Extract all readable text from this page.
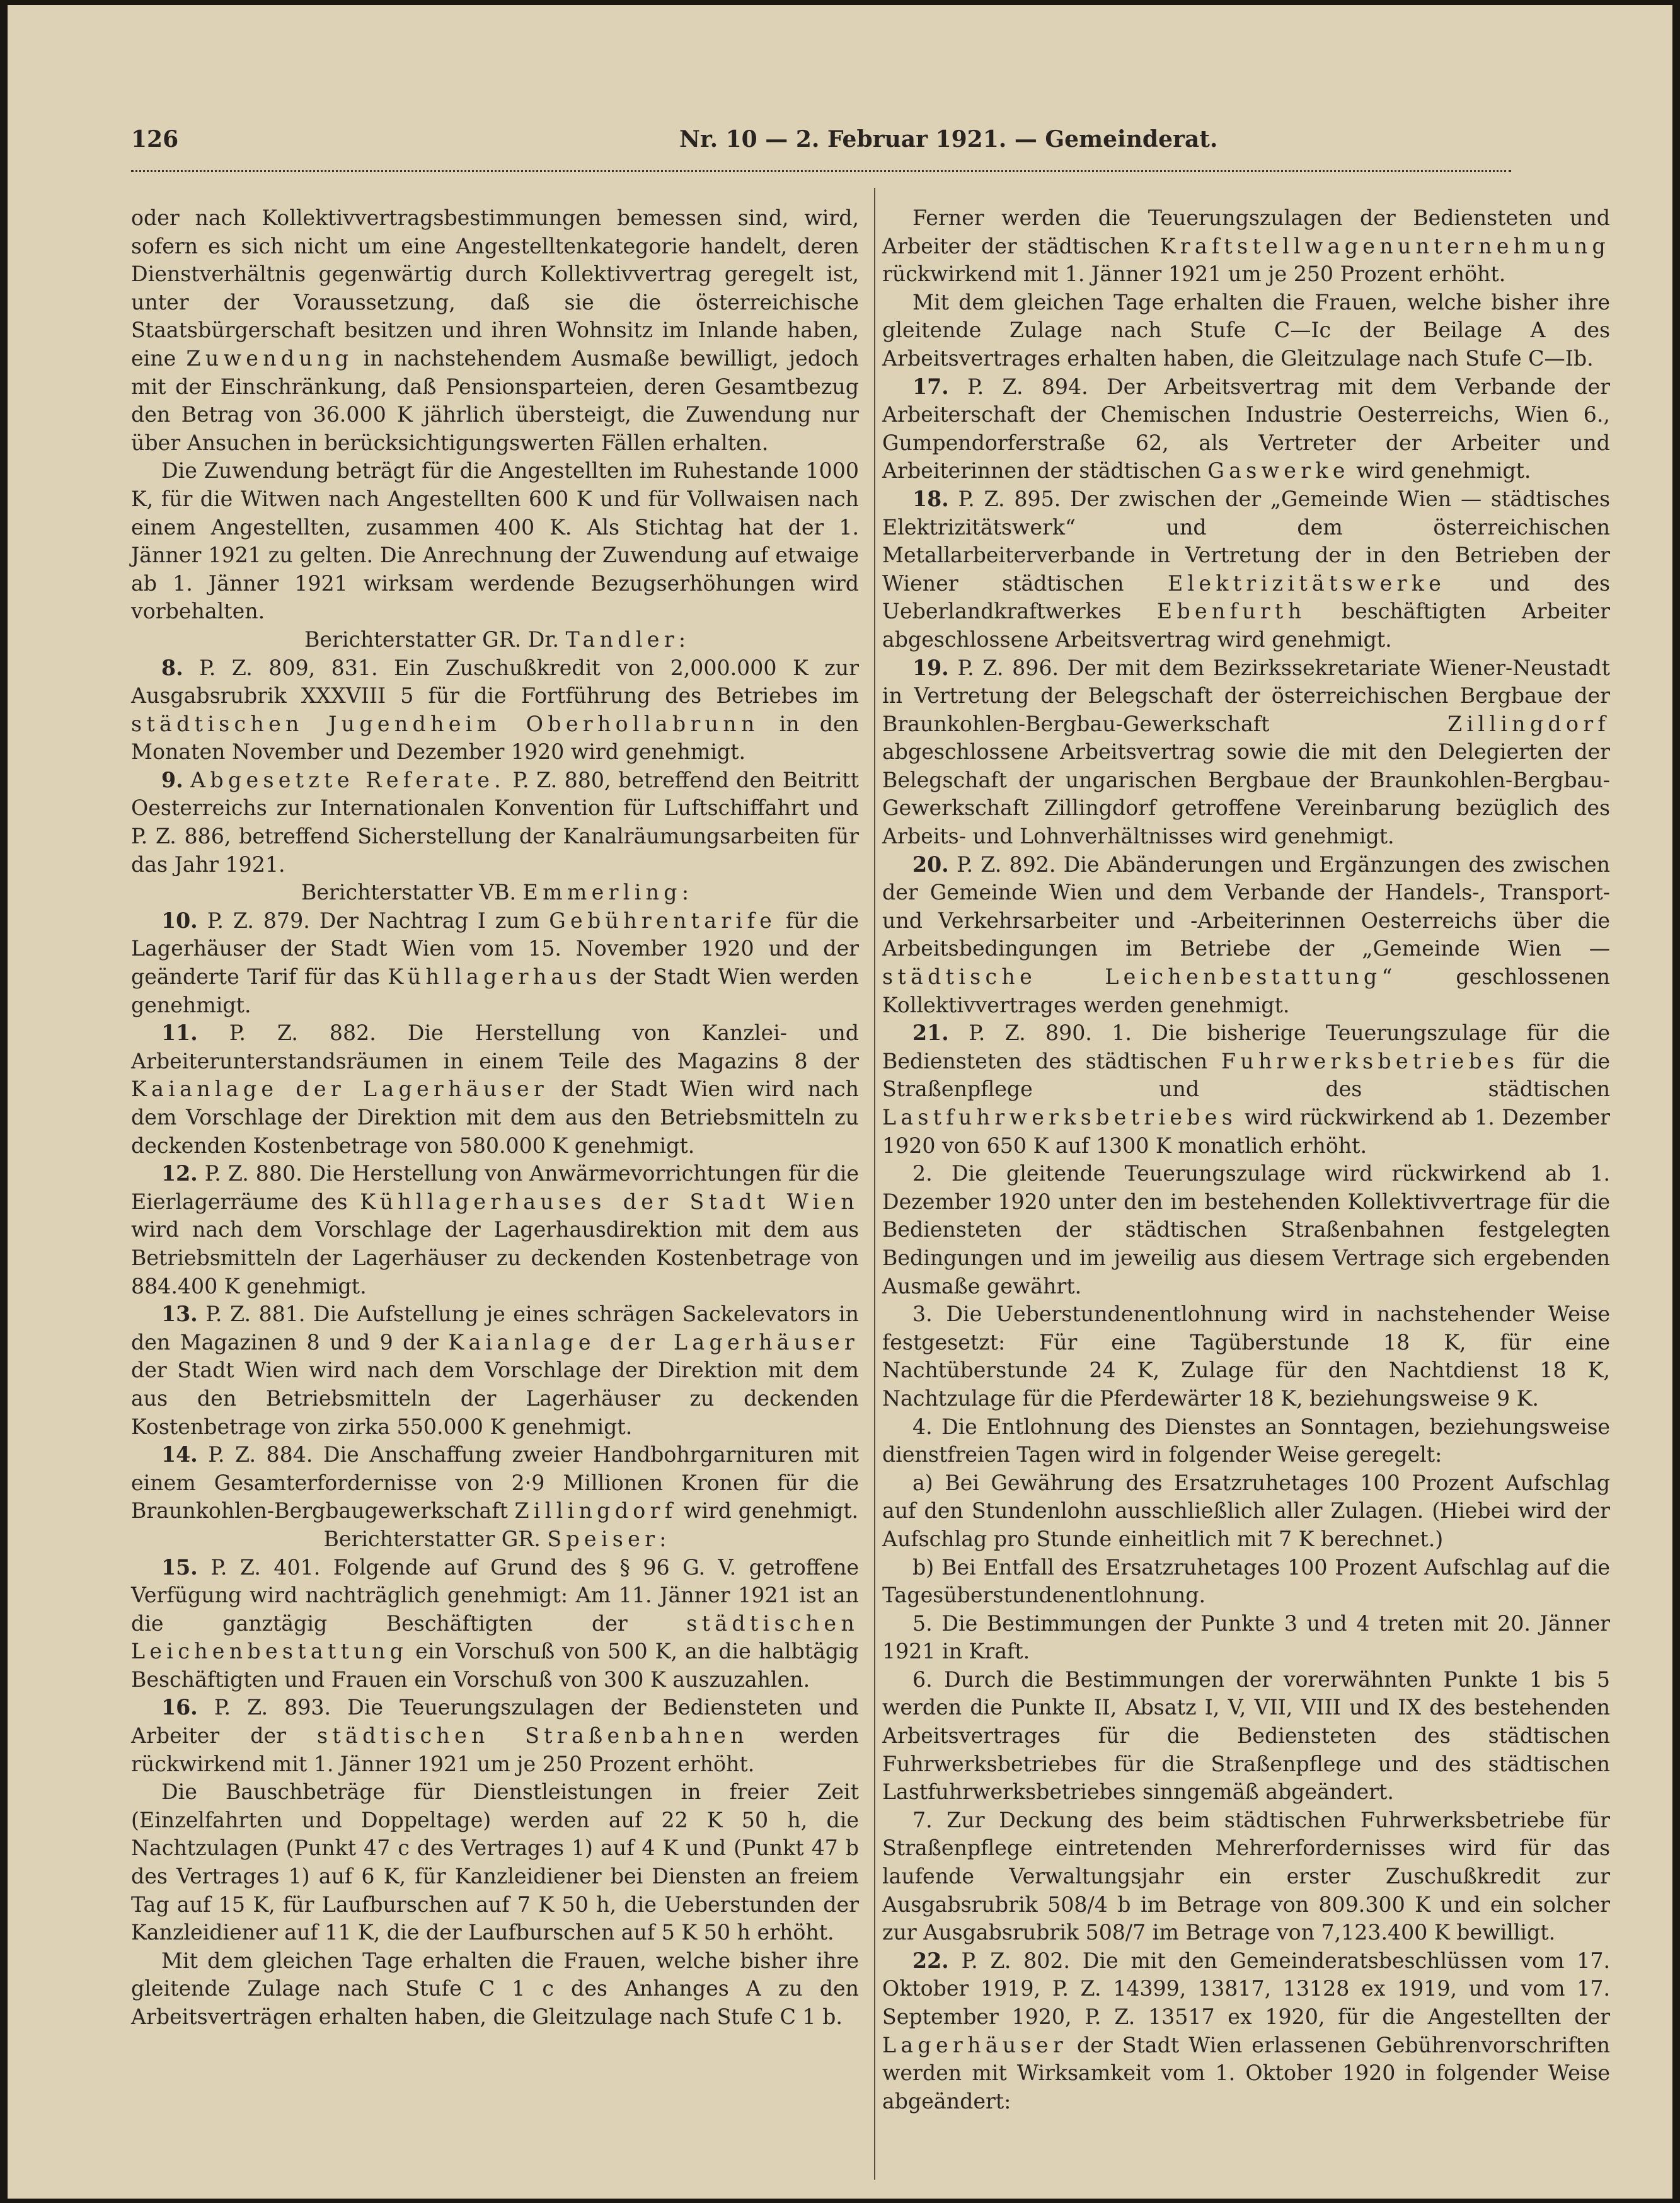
126	Nr. 10 — 2. Februar 1921. — Gemeinderat.

oder nach Kollektivvertragsbestimmungen bemessen sind, wird, sofern es sich nicht um eine Angestelltenkategorie handelt, deren Dienstverhältnis gegenwärtig durch Kollektivvertrag geregelt ist, unter der Voraussetzung, daß sie die österreichische Staatsbürgerschaft besitzen und ihren Wohnsitz im Inlande haben, eine Zuwendung in nachstehendem Ausmaße bewilligt, jedoch mit der Einschränkung, daß Pensionsparteien, deren Gesamtbezug den Betrag von 36.000 K jährlich übersteigt, die Zuwendung nur über Ansuchen in berücksichtigungswerten Fällen erhalten.

Die Zuwendung beträgt für die Angestellten im Ruhestande 1000 K, für die Witwen nach Angestellten 600 K und für Vollwaisen nach einem Angestellten, zusammen 400 K. Als Stichtag hat der 1. Jänner 1921 zu gelten. Die Anrechnung der Zuwendung auf etwaige ab 1. Jänner 1921 wirksam werdende Bezugserhöhungen wird vorbehalten.

Berichterstatter GR. Dr. Tandler:

8. P. Z. 809, 831. Ein Zuschußkredit von 2,000.000 K zur Ausgabsrubrik XXXVIII 5 für die Fortführung des Betriebes im städtischen Jugendheim Oberhollabrunn in den Monaten November und Dezember 1920 wird genehmigt.

9. Abgesetzte Referate. P. Z. 880, betreffend den Beitritt Oesterreichs zur Internationalen Konvention für Luftschiffahrt und P. Z. 886, betreffend Sicherstellung der Kanalräumungsarbeiten für das Jahr 1921.

Berichterstatter VB. Emmerling:

10. P. Z. 879. Der Nachtrag I zum Gebührentarife für die Lagerhäuser der Stadt Wien vom 15. November 1920 und der geänderte Tarif für das Kühllagerhaus der Stadt Wien werden genehmigt.

11. P. Z. 882. Die Herstellung von Kanzlei- und Arbeiterunterstandsräumen in einem Teile des Magazins 8 der Kaianlage der Lagerhäuser der Stadt Wien wird nach dem Vorschlage der Direktion mit dem aus den Betriebsmitteln zu deckenden Kostenbetrage von 580.000 K genehmigt.

12. P. Z. 880. Die Herstellung von Anwärmevorrichtungen für die Eierlagerräume des Kühllagerhauses der Stadt Wien wird nach dem Vorschlage der Lagerhausdirektion mit dem aus Betriebsmitteln der Lagerhäuser zu deckenden Kostenbetrage von 884.400 K genehmigt.

13. P. Z. 881. Die Aufstellung je eines schrägen Sackelevators in den Magazinen 8 und 9 der Kaianlage der Lagerhäuser der Stadt Wien wird nach dem Vorschlage der Direktion mit dem aus den Betriebsmitteln der Lagerhäuser zu deckenden Kostenbetrage von zirka 550.000 K genehmigt.

14. P. Z. 884. Die Anschaffung zweier Handbohrgarnituren mit einem Gesamterfordernisse von 2·9 Millionen Kronen für die Braunkohlen-Bergbaugewerkschaft Zillingdorf wird genehmigt.

Berichterstatter GR. Speiser:

15. P. Z. 401. Folgende auf Grund des § 96 G. V. getroffene Verfügung wird nachträglich genehmigt: Am 11. Jänner 1921 ist an die ganztägig Beschäftigten der städtischen Leichenbestattung ein Vorschuß von 500 K, an die halbtägig Beschäftigten und Frauen ein Vorschuß von 300 K auszuzahlen.

16. P. Z. 893. Die Teuerungszulagen der Bediensteten und Arbeiter der städtischen Straßenbahnen werden rückwirkend mit 1. Jänner 1921 um je 250 Prozent erhöht.

Die Bauschbeträge für Dienstleistungen in freier Zeit (Einzelfahrten und Doppeltage) werden auf 22 K 50 h, die Nachtzulagen (Punkt 47 c des Vertrages 1) auf 4 K und (Punkt 47 b des Vertrages 1) auf 6 K, für Kanzleidiener bei Diensten an freiem Tag auf 15 K, für Laufburschen auf 7 K 50 h, die Ueberstunden der Kanzleidiener auf 11 K, die der Laufburschen auf 5 K 50 h erhöht.

Mit dem gleichen Tage erhalten die Frauen, welche bisher ihre gleitende Zulage nach Stufe C 1 c des Anhanges A zu den Arbeitsverträgen erhalten haben, die Gleitzulage nach Stufe C 1 b.

Ferner werden die Teuerungszulagen der Bediensteten und Arbeiter der städtischen Kraftstellwagenunternehmung rückwirkend mit 1. Jänner 1921 um je 250 Prozent erhöht.

Mit dem gleichen Tage erhalten die Frauen, welche bisher ihre gleitende Zulage nach Stufe C—Ic der Beilage A des Arbeitsvertrages erhalten haben, die Gleitzulage nach Stufe C—Ib.

17. P. Z. 894. Der Arbeitsvertrag mit dem Verbande der Arbeiterschaft der Chemischen Industrie Oesterreichs, Wien 6., Gumpendorferstraße 62, als Vertreter der Arbeiter und Arbeiterinnen der städtischen Gaswerke wird genehmigt.

18. P. Z. 895. Der zwischen der „Gemeinde Wien — städtisches Elektrizitätswerk“ und dem österreichischen Metallarbeiterverbande in Vertretung der in den Betrieben der Wiener städtischen Elektrizitätswerke und des Ueberlandkraftwerkes Ebenfurth beschäftigten Arbeiter abgeschlossene Arbeitsvertrag wird genehmigt.

19. P. Z. 896. Der mit dem Bezirkssekretariate Wiener-Neustadt in Vertretung der Belegschaft der österreichischen Bergbaue der Braunkohlen-Bergbau-Gewerkschaft Zillingdorf abgeschlossene Arbeitsvertrag sowie die mit den Delegierten der Belegschaft der ungarischen Bergbaue der Braunkohlen-Bergbau-Gewerkschaft Zillingdorf getroffene Vereinbarung bezüglich des Arbeits- und Lohnverhältnisses wird genehmigt.

20. P. Z. 892. Die Abänderungen und Ergänzungen des zwischen der Gemeinde Wien und dem Verbande der Handels-, Transport- und Verkehrsarbeiter und -Arbeiterinnen Oesterreichs über die Arbeitsbedingungen im Betriebe der „Gemeinde Wien — städtische Leichenbestattung“ geschlossenen Kollektivvertrages werden genehmigt.

21. P. Z. 890. 1. Die bisherige Teuerungszulage für die Bediensteten des städtischen Fuhrwerksbetriebes für die Straßenpflege und des städtischen Lastfuhrwerksbetriebes wird rückwirkend ab 1. Dezember 1920 von 650 K auf 1300 K monatlich erhöht.

2. Die gleitende Teuerungszulage wird rückwirkend ab 1. Dezember 1920 unter den im bestehenden Kollektivvertrage für die Bediensteten der städtischen Straßenbahnen festgelegten Bedingungen und im jeweilig aus diesem Vertrage sich ergebenden Ausmaße gewährt.

3. Die Ueberstundenentlohnung wird in nachstehender Weise festgesetzt: Für eine Tagüberstunde 18 K, für eine Nachtüberstunde 24 K, Zulage für den Nachtdienst 18 K, Nachtzulage für die Pferdewärter 18 K, beziehungsweise 9 K.

4. Die Entlohnung des Dienstes an Sonntagen, beziehungsweise dienstfreien Tagen wird in folgender Weise geregelt:

a) Bei Gewährung des Ersatzruhetages 100 Prozent Aufschlag auf den Stundenlohn ausschließlich aller Zulagen. (Hiebei wird der Aufschlag pro Stunde einheitlich mit 7 K berechnet.)

b) Bei Entfall des Ersatzruhetages 100 Prozent Aufschlag auf die Tagesüberstundenentlohnung.

5. Die Bestimmungen der Punkte 3 und 4 treten mit 20. Jänner 1921 in Kraft.

6. Durch die Bestimmungen der vorerwähnten Punkte 1 bis 5 werden die Punkte II, Absatz I, V, VII, VIII und IX des bestehenden Arbeitsvertrages für die Bediensteten des städtischen Fuhrwerksbetriebes für die Straßenpflege und des städtischen Lastfuhrwerksbetriebes sinngemäß abgeändert.

7. Zur Deckung des beim städtischen Fuhrwerksbetriebe für Straßenpflege eintretenden Mehrerfordernisses wird für das laufende Verwaltungsjahr ein erster Zuschußkredit zur Ausgabsrubrik 508/4 b im Betrage von 809.300 K und ein solcher zur Ausgabsrubrik 508/7 im Betrage von 7,123.400 K bewilligt.

22. P. Z. 802. Die mit den Gemeinderatsbeschlüssen vom 17. Oktober 1919, P. Z. 14399, 13817, 13128 ex 1919, und vom 17. September 1920, P. Z. 13517 ex 1920, für die Angestellten der Lagerhäuser der Stadt Wien erlassenen Gebührenvorschriften werden mit Wirksamkeit vom 1. Oktober 1920 in folgender Weise abgeändert:
